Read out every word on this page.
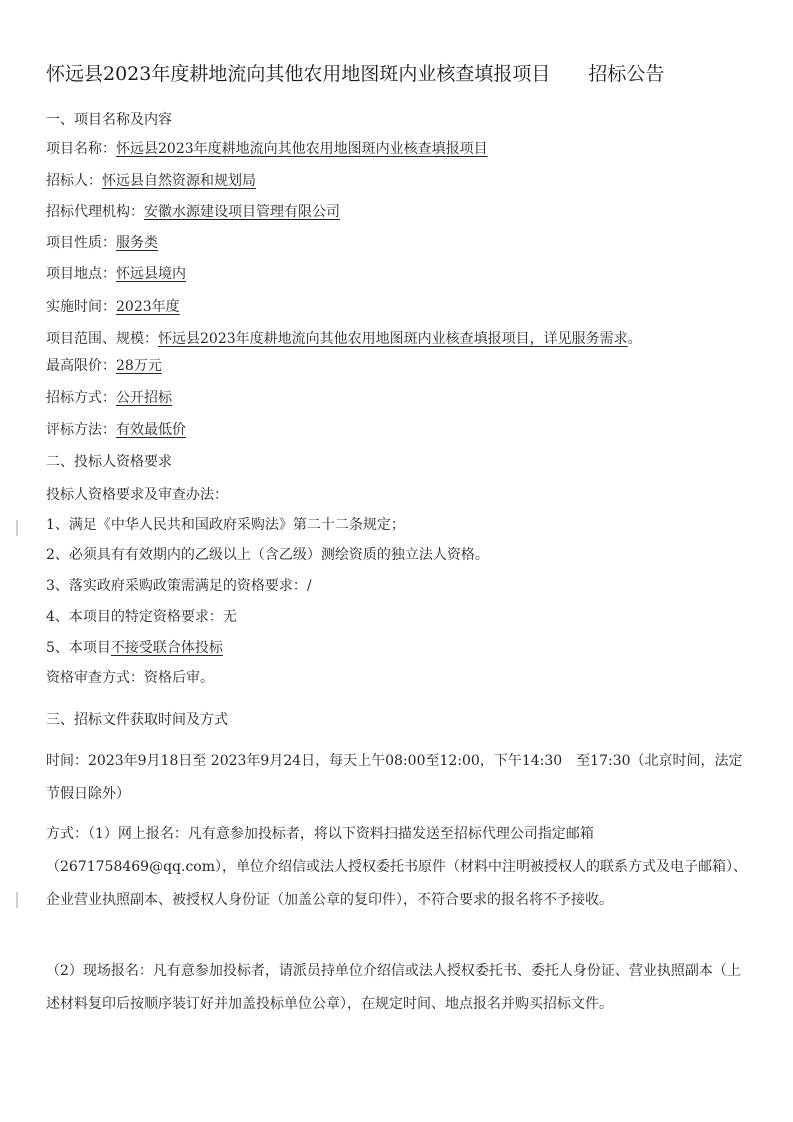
怀远县2023年度耕地流向其他农用地图斑内业核查填报项目 招标公告
一、项目名称及内容
项目名称：怀远县2023年度耕地流向其他农用地图斑内业核查填报项目
招标人：怀远县自然资源和规划局
招标代理机构：安徽水源建设项目管理有限公司
项目性质：服务类
项目地点：怀远县境内
实施时间：2023年度
项目范围、规模：怀远县2023年度耕地流向其他农用地图斑内业核查填报项目，详见服务需求。
最高限价：28万元
招标方式：公开招标
评标方法：有效最低价
二、投标人资格要求
投标人资格要求及审查办法：
1、满足《中华人民共和国政府采购法》第二十二条规定；
2、必须具有有效期内的乙级以上（含乙级）测绘资质的独立法人资格。
3、落实政府采购政策需满足的资格要求：/
4、本项目的特定资格要求：无
5、本项目不接受联合体投标
资格审查方式：资格后审。
三、招标文件获取时间及方式
时间：2023年9月18日至 2023年9月24日，每天上午08:00至12:00，下午14:30　至17:30（北京时间，法定节假日除外）
方式：（1）网上报名：凡有意参加投标者，将以下资料扫描发送至招标代理公司指定邮箱（2671758469@qq.com），单位介绍信或法人授权委托书原件（材料中注明被授权人的联系方式及电子邮箱）、企业营业执照副本、被授权人身份证（加盖公章的复印件），不符合要求的报名将不予接收。
（2）现场报名：凡有意参加投标者，请派员持单位介绍信或法人授权委托书、委托人身份证、营业执照副本（上述材料复印后按顺序装订好并加盖投标单位公章），在规定时间、地点报名并购买招标文件。
